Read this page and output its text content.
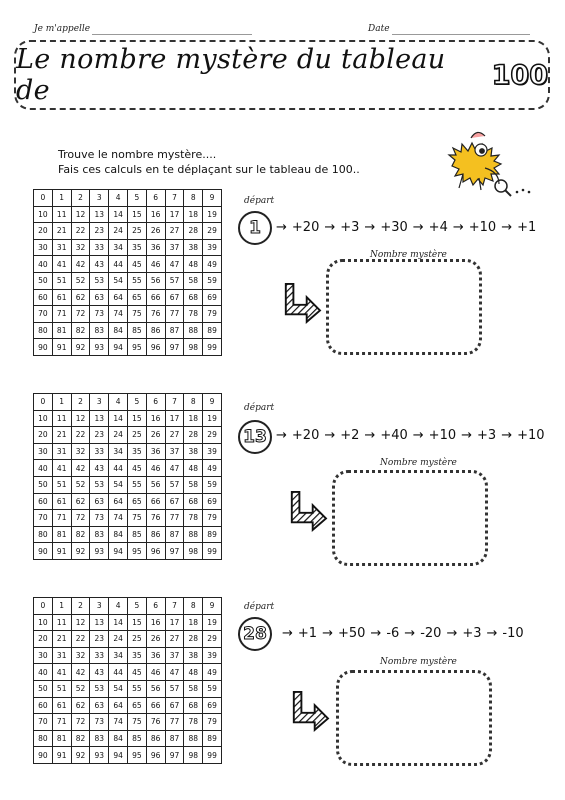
Je m'appelle	Date
Le nombre mystère du tableau de	100
Trouve le nombre mystère....
Fais ces calculs en te déplaçant sur le tableau de 100..
0	1	2	3	4	5	6	7	8	9
10	11	12	13	14	15	16	17	18	19
20	21	22	23	24	25	26	27	28	29
30	31	32	33	34	35	36	37	38	39
40	41	42	43	44	45	46	47	48	49
50	51	52	53	54	55	56	57	58	59
60	61	62	63	64	65	66	67	68	69
70	71	72	73	74	75	76	77	78	79
80	81	82	83	84	85	86	87	88	89
90	91	92	93	94	95	96	97	98	99
0	1	2	3	4	5	6	7	8	9
10	11	12	13	14	15	16	17	18	19
20	21	22	23	24	25	26	27	28	29
30	31	32	33	34	35	36	37	38	39
40	41	42	43	44	45	46	47	48	49
50	51	52	53	54	55	56	57	58	59
60	61	62	63	64	65	66	67	68	69
70	71	72	73	74	75	76	77	78	79
80	81	82	83	84	85	86	87	88	89
90	91	92	93	94	95	96	97	98	99
0	1	2	3	4	5	6	7	8	9
10	11	12	13	14	15	16	17	18	19
20	21	22	23	24	25	26	27	28	29
30	31	32	33	34	35	36	37	38	39
40	41	42	43	44	45	46	47	48	49
50	51	52	53	54	55	56	57	58	59
60	61	62	63	64	65	66	67	68	69
70	71	72	73	74	75	76	77	78	79
80	81	82	83	84	85	86	87	88	89
90	91	92	93	94	95	96	97	98	99
départ
1	→ +20 → +3 → +30 → +4 → +10 → +1
Nombre mystère
départ
13 → +20 → +2 → +40 → +10 → +3 → +10
Nombre mystère
départ
28	→ +1 → +50 → -6 → -20 → +3 → -10
Nombre mystère
